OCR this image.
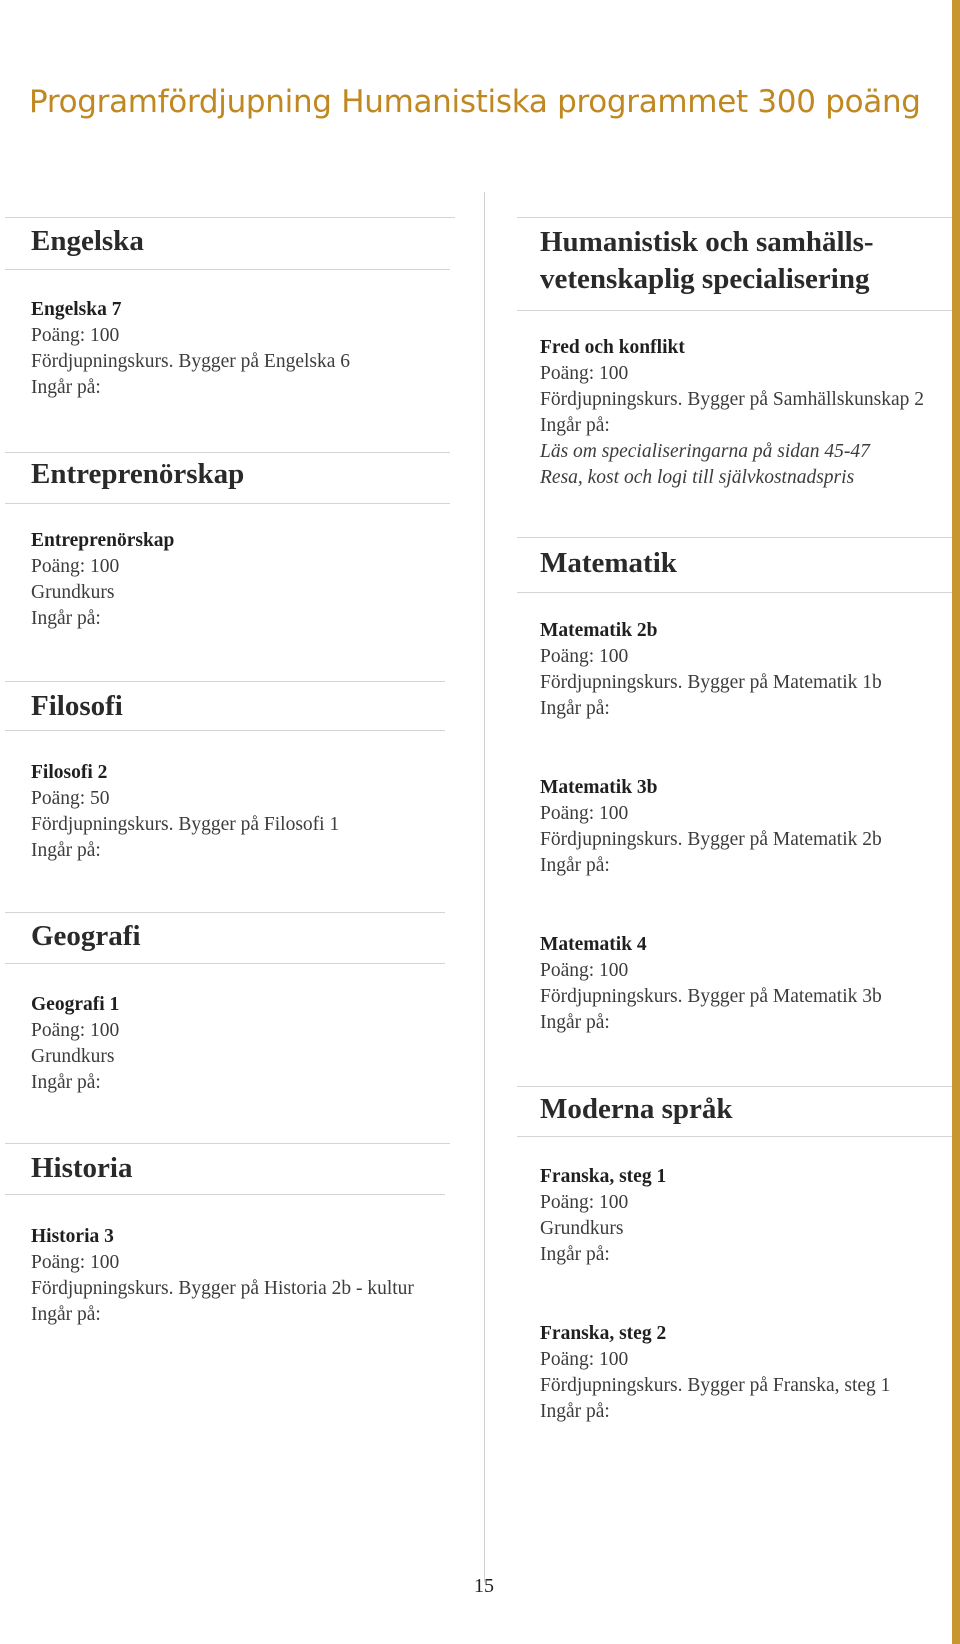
Programfördjupning Humanistiska programmet 300 poäng
Engelska
Engelska 7
Poäng: 100
Fördjupningskurs. Bygger på Engelska 6
Ingår på:
Entreprenörskap
Entreprenörskap
Poäng: 100
Grundkurs
Ingår på:
Filosofi
Filosofi 2
Poäng: 50
Fördjupningskurs. Bygger på Filosofi 1
Ingår på:
Geografi
Geografi 1
Poäng: 100
Grundkurs
Ingår på:
Historia
Historia 3
Poäng: 100
Fördjupningskurs. Bygger på Historia 2b - kultur
Ingår på:
Humanistisk och samhälls-
vetenskaplig specialisering
Fred och konflikt
Poäng: 100
Fördjupningskurs. Bygger på Samhällskunskap 2
Ingår på:
Läs om specialiseringarna på sidan 45-47
Resa, kost och logi till självkostnadspris
Matematik
Matematik 2b
Poäng: 100
Fördjupningskurs. Bygger på Matematik 1b
Ingår på:
Matematik 3b
Poäng: 100
Fördjupningskurs. Bygger på Matematik 2b
Ingår på:
Matematik 4
Poäng: 100
Fördjupningskurs. Bygger på Matematik 3b
Ingår på:
Moderna språk
Franska, steg 1
Poäng: 100
Grundkurs
Ingår på:
Franska, steg 2
Poäng: 100
Fördjupningskurs. Bygger på Franska, steg 1
Ingår på:
15
